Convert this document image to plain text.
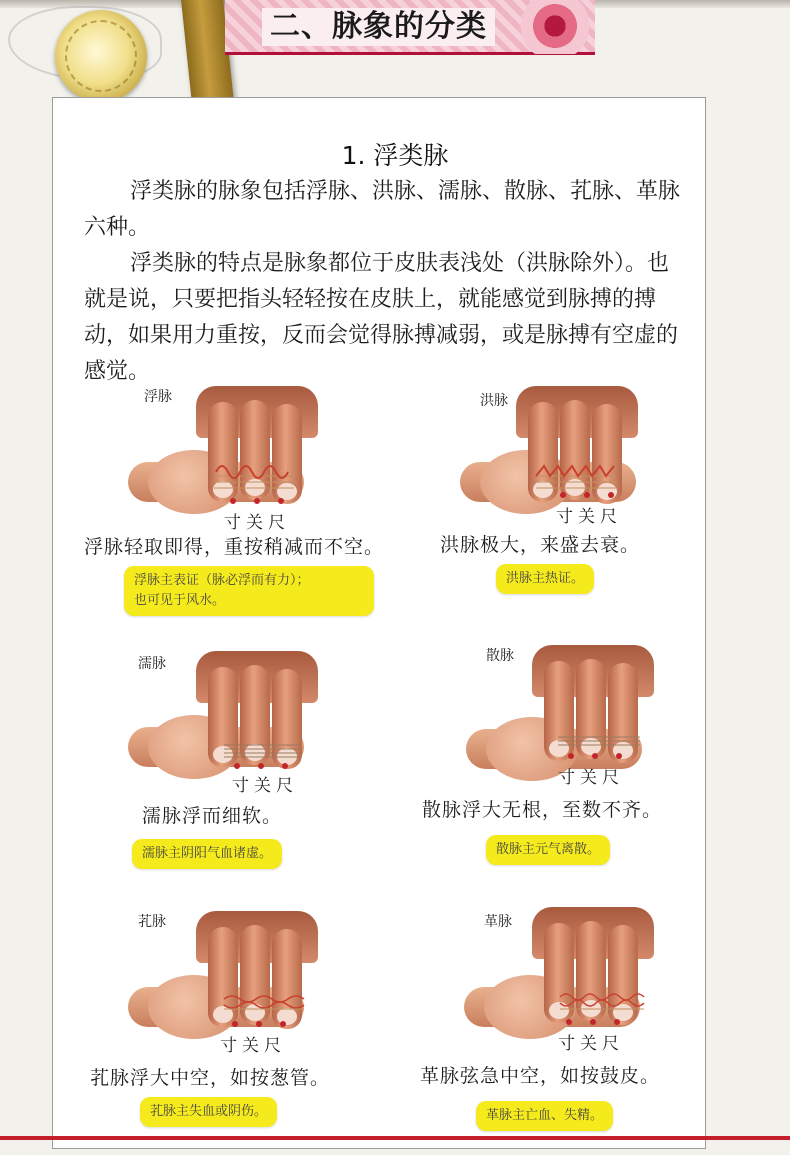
二、脉象的分类
1. 浮类脉

浮类脉的脉象包括浮脉、洪脉、濡脉、散脉、芤脉、革脉六种。

浮类脉的特点是脉象都位于皮肤表浅处（洪脉除外）。也就是说，只要把指头轻轻按在皮肤上，就能感觉到脉搏的搏动，如果用力重按，反而会觉得脉搏减弱，或是脉搏有空虚的感觉。

浮脉
寸关尺
浮脉轻取即得，重按稍减而不空。
浮脉主表证（脉必浮而有力）；
也可见于风水。
洪脉
寸关尺
洪脉极大，来盛去衰。
洪脉主热证。
濡脉
寸关尺
濡脉浮而细软。
濡脉主阴阳气血诸虚。
散脉
寸关尺
散脉浮大无根，至数不齐。
散脉主元气离散。
芤脉
寸关尺
芤脉浮大中空，如按葱管。
芤脉主失血或阴伤。
革脉
寸关尺
革脉弦急中空，如按鼓皮。
革脉主亡血、失精。
